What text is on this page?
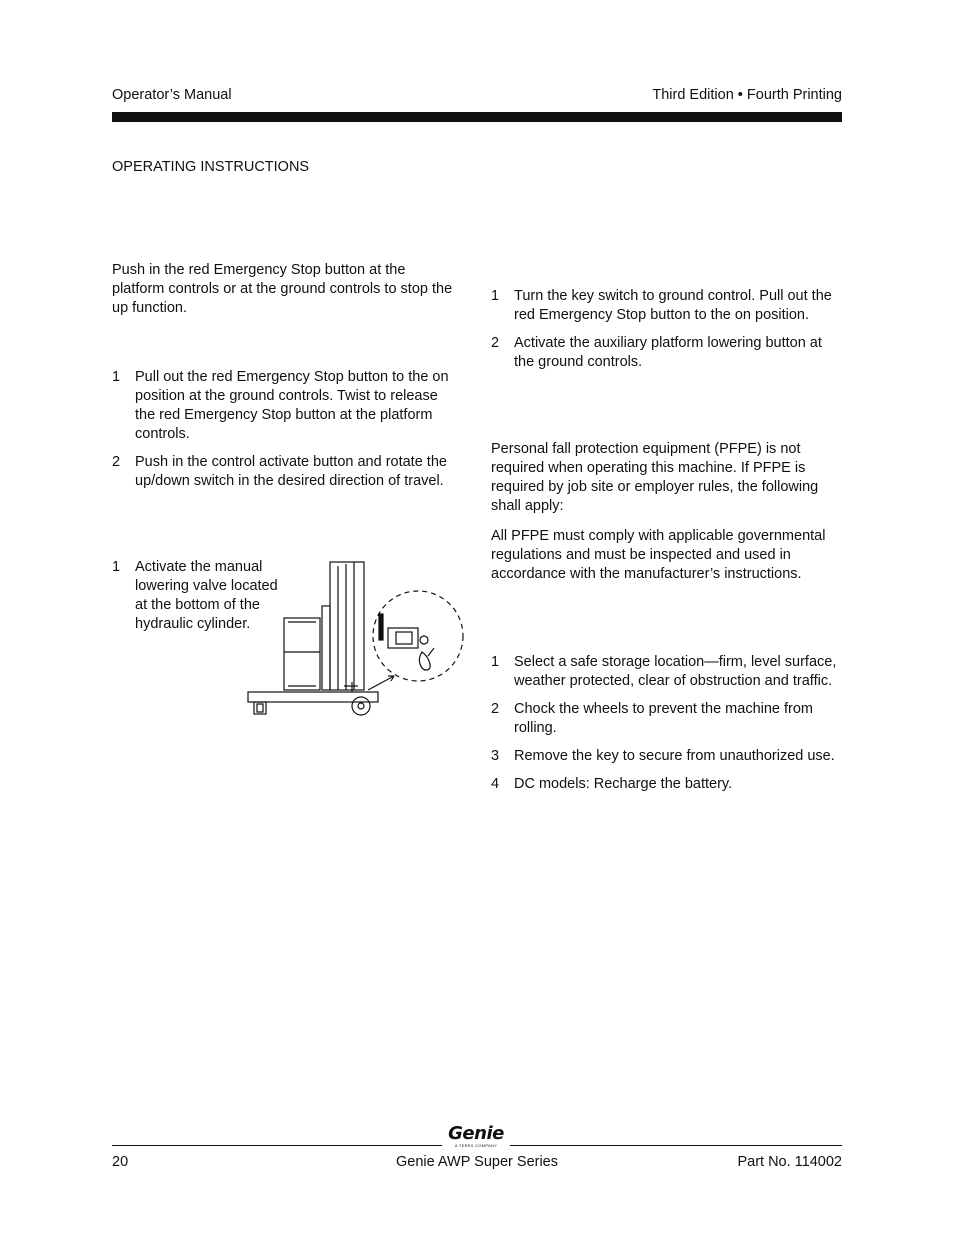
Operator’s Manual	Third Edition • Fourth Printing
OPERATING INSTRUCTIONS

Push in the red Emergency Stop button at the platform controls or at the ground controls to stop the up function.

1 Pull out the red Emergency Stop button to the on position at the ground controls. Twist to release the red Emergency Stop button at the platform controls.
2 Push in the control activate button and rotate the up/down switch in the desired direction of travel.
1 Activate the manual lowering valve located at the bottom of the hydraulic cylinder.
1 Turn the key switch to ground control. Pull out the red Emergency Stop button to the on position.
2 Activate the auxiliary platform lowering button at the ground controls.

Personal fall protection equipment (PFPE) is not required when operating this machine. If PFPE is required by job site or employer rules, the following shall apply:

All PFPE must comply with applicable governmental regulations and must be inspected and used in accordance with the manufacturer’s instructions.

1 Select a safe storage location—firm, level surface, weather protected, clear of obstruction and traffic.
2 Chock the wheels to prevent the machine from rolling.
3 Remove the key to secure from unauthorized use.
4 DC models: Recharge the battery.
Genie
A TEREX COMPANY
20	Genie AWP Super Series	Part No. 114002
